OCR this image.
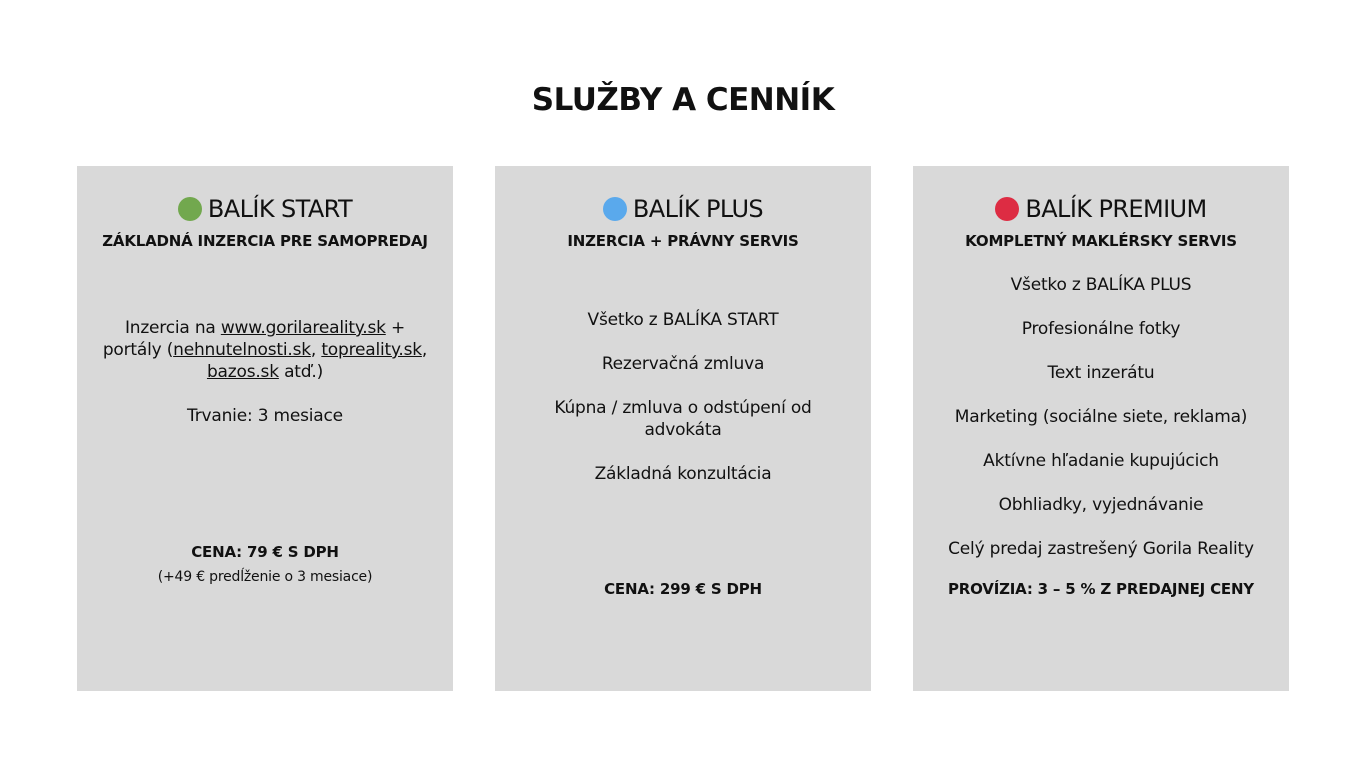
SLUŽBY A CENNÍK
BALÍK START
ZÁKLADNÁ INZERCIA PRE SAMOPREDAJ
Inzercia na www.gorilareality.sk +
portály (nehnutelnosti.sk, topreality.sk,
bazos.sk atď.)
Trvanie: 3 mesiace
CENA: 79 € S DPH
(+49 € predĺženie o 3 mesiace)
BALÍK PLUS
INZERCIA + PRÁVNY SERVIS
Všetko z BALÍKA START
Rezervačná zmluva
Kúpna / zmluva o odstúpení od
advokáta
Základná konzultácia
CENA: 299 € S DPH
BALÍK PREMIUM
KOMPLETNÝ MAKLÉRSKY SERVIS
Všetko z BALÍKA PLUS
Profesionálne fotky
Text inzerátu
Marketing (sociálne siete, reklama)
Aktívne hľadanie kupujúcich
Obhliadky, vyjednávanie
Celý predaj zastrešený Gorila Reality
PROVÍZIA: 3 – 5 % Z PREDAJNEJ CENY
